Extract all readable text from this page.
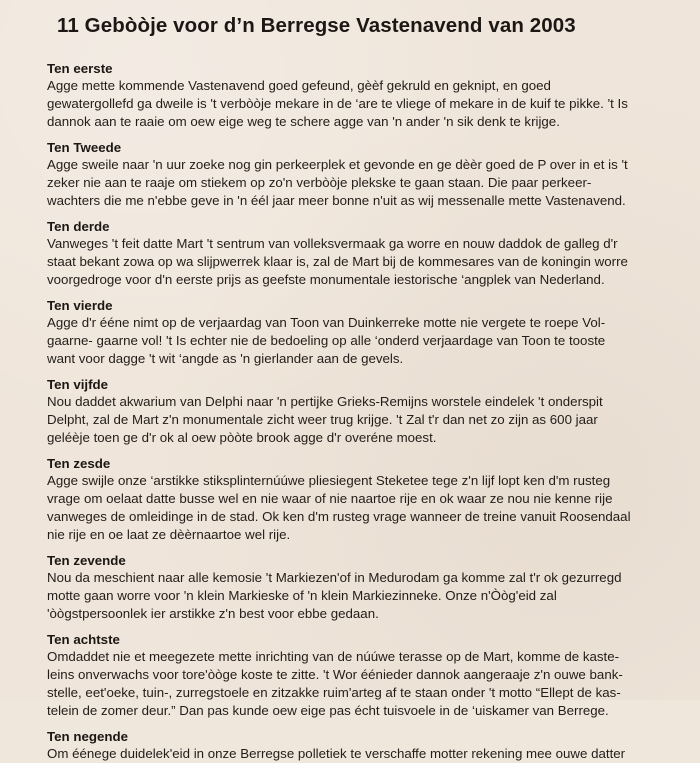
11 Gebòòje voor d’n Berregse Vastenavend van 2003
Ten eerste
Agge mette kommende Vastenavend goed gefeund, gèèf gekruld en geknipt, en goed
gewatergollefd ga dweile is 't verbòòje mekare in de ‘are te vliege of mekare in de kuif te pikke. 't Is
dannok aan te raaie om oew eige weg te schere agge van 'n ander 'n sik denk te krijge.
Ten Tweede
Agge sweile naar 'n uur zoeke nog gin perkeerplek et gevonde en ge dèèr goed de P over in et is 't
zeker nie aan te raaje om stiekem op zo'n verbòòje plekske te gaan staan. Die paar perkeer-
wachters die me n'ebbe geve in 'n éél jaar meer bonne n'uit as wij messenalle mette Vastenavend.
Ten derde
Vanweges 't feit datte Mart 't sentrum van volleksvermaak ga worre en nouw daddok de galleg d'r
staat bekant zowa op wa slijpwerrek klaar is, zal de Mart bij de kommesares van de koningin worre
voorgedroge voor d'n eerste prijs as geefste monumentale iestorische ‘angplek van Nederland.
Ten vierde
Agge d'r ééne nimt op de verjaardag van Toon van Duinkerreke motte nie vergete te roepe Vol-
gaarne- gaarne vol! 't Is echter nie de bedoeling op alle ‘onderd verjaardage van Toon te tooste
want voor dagge 't wit ‘angde as 'n gierlander aan de gevels.
Ten vijfde
Nou daddet akwarium van Delphi naar 'n pertijke Grieks-Remijns worstele eindelek 't onderspit
Delpht, zal de Mart z'n monumentale zicht weer trug krijge. 't Zal t'r dan net zo zijn as 600 jaar
geléèje toen ge d'r ok al oew pòòte brook agge d'r overéne moest.
Ten zesde
Agge swijle onze ‘arstikke stiksplinternúúwe pliesiegent Steketee tege z'n lijf lopt ken d'm rusteg
vrage om oelaat datte busse wel en nie waar of nie naartoe rije en ok waar ze nou nie kenne rije
vanweges de omleidinge in de stad. Ok ken d'm rusteg vrage wanneer de treine vanuit Roosendaal
nie rije en oe laat ze dèèrnaartoe wel rije.
Ten zevende
Nou da meschient naar alle kemosie 't Markiezen'of in Medurodam ga komme zal t'r ok gezurregd
motte gaan worre voor 'n klein Markieske of 'n klein Markiezinneke. Onze n'Òòg'eid zal
'òògstpersoonlek ier arstikke z'n best voor ebbe gedaan.
Ten achtste
Omdaddet nie et meegezete mette inrichting van de núúwe terasse op de Mart, komme de kaste-
leins onverwachs voor tore'òòge koste te zitte. 't Wor éénieder dannok aangeraaje z'n ouwe bank-
stelle, eet'oeke, tuin-, zurregstoele en zitzakke ruim'arteg af te staan onder 't motto “Ellept de kas-
telein de zomer deur.” Dan pas kunde oew eige pas écht tuisvoele in de ‘uiskamer van Berrege.
Ten negende
Om éénege duidelek'eid in onze Berregse polletiek te verschaffe motter rekening mee ouwe datter
